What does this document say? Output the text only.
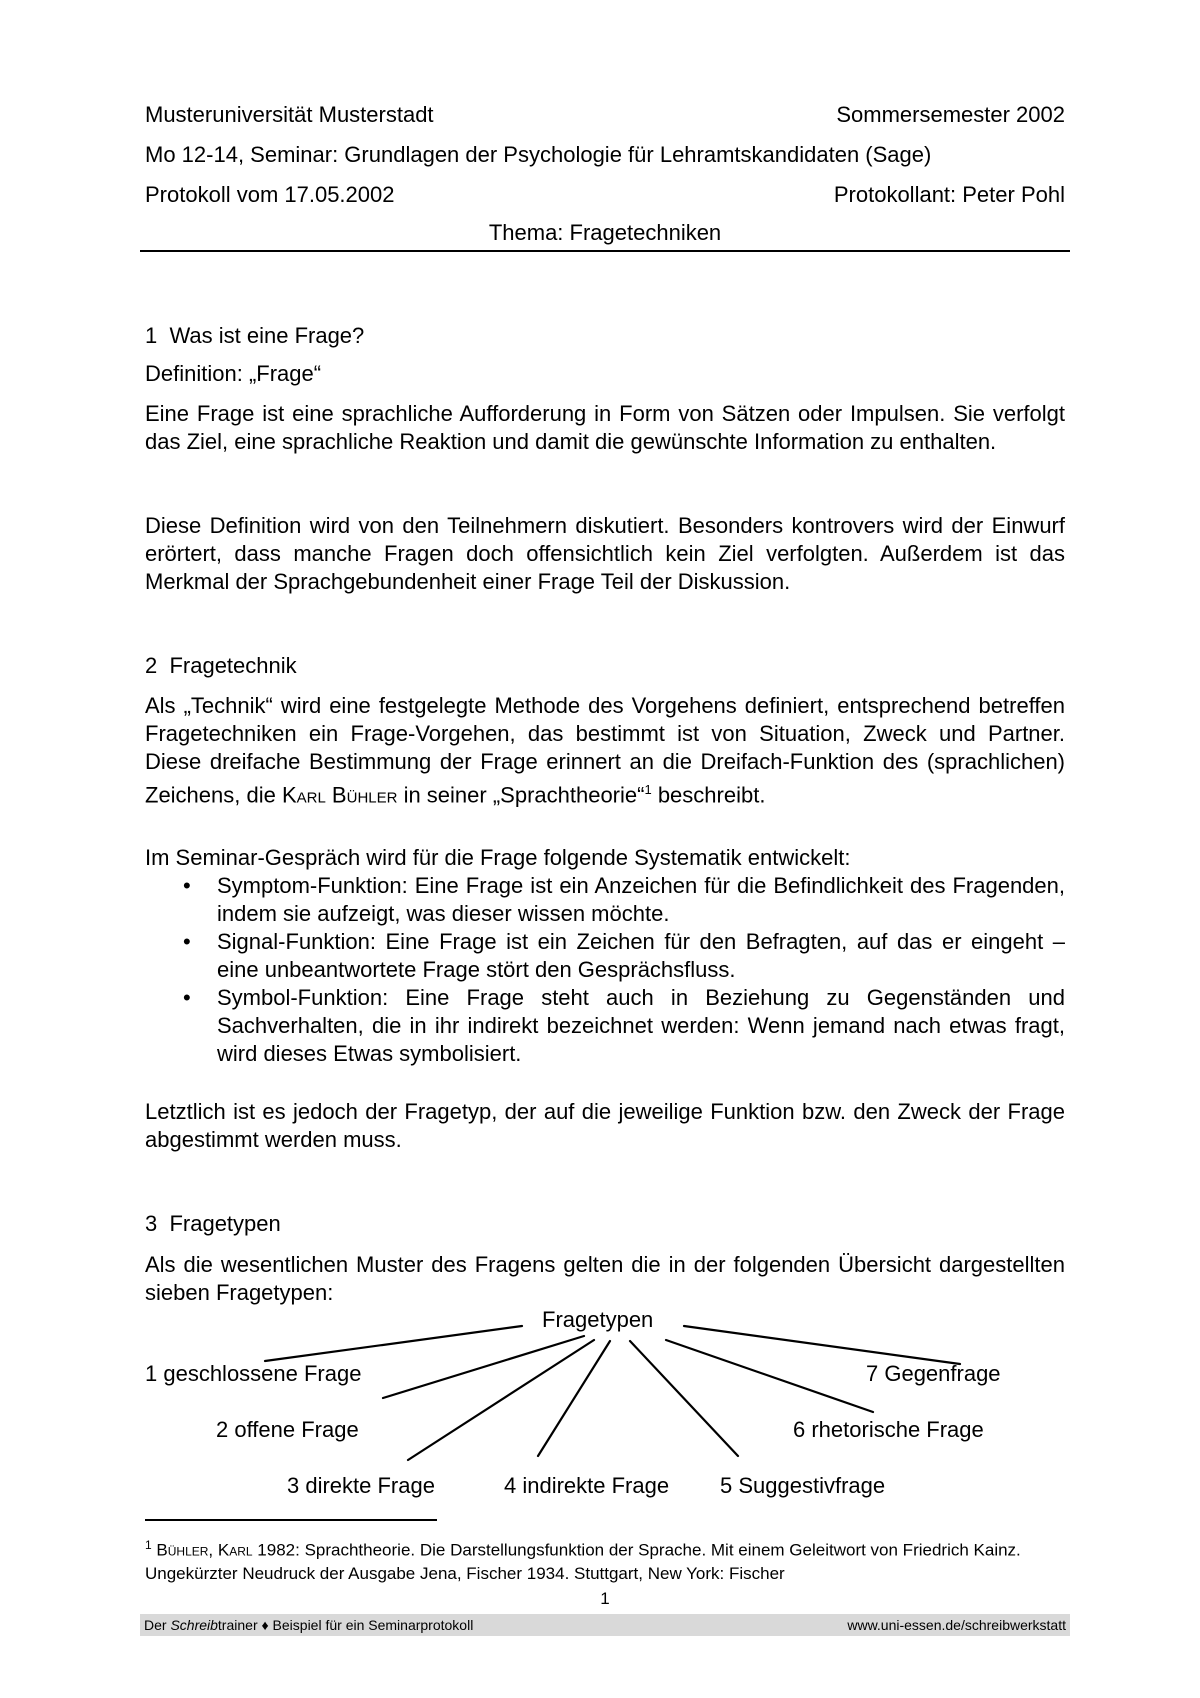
Musteruniversität Musterstadt	Sommersemester 2002
Mo 12-14, Seminar: Grundlagen der Psychologie für Lehramtskandidaten (Sage)
Protokoll vom 17.05.2002	Protokollant: Peter Pohl
Thema: Fragetechniken
1  Was ist eine Frage?
Definition: „Frage“
Eine Frage ist eine sprachliche Aufforderung in Form von Sätzen oder Impulsen. Sie verfolgt das Ziel, eine sprachliche Reaktion und damit die gewünschte Information zu enthalten.
Diese Definition wird von den Teilnehmern diskutiert. Besonders kontrovers wird der Einwurf erörtert, dass manche Fragen doch offensichtlich kein Ziel verfolgten. Außerdem ist das Merkmal der Sprachgebundenheit einer Frage Teil der Diskussion.
2  Fragetechnik
Als „Technik“ wird eine festgelegte Methode des Vorgehens definiert, entsprechend betreffen Fragetechniken ein Frage-Vorgehen, das bestimmt ist von Situation, Zweck und Partner. Diese dreifache Bestimmung der Frage erinnert an die Dreifach-Funktion des (sprachlichen) Zeichens, die Karl Bühler in seiner „Sprachtheorie“$^1$ beschreibt.
Im Seminar-Gespräch wird für die Frage folgende Systematik entwickelt:
• Symptom-Funktion: Eine Frage ist ein Anzeichen für die Befindlichkeit des Fragenden, indem sie aufzeigt, was dieser wissen möchte.
• Signal-Funktion: Eine Frage ist ein Zeichen für den Befragten, auf das er eingeht – eine unbeantwortete Frage stört den Gesprächsfluss.
• Symbol-Funktion: Eine Frage steht auch in Beziehung zu Gegenständen und Sachverhalten, die in ihr indirekt bezeichnet werden: Wenn jemand nach etwas fragt, wird dieses Etwas symbolisiert.
Letztlich ist es jedoch der Fragetyp, der auf die jeweilige Funktion bzw. den Zweck der Frage abgestimmt werden muss.
3  Fragetypen
Als die wesentlichen Muster des Fragens gelten die in der folgenden Übersicht dargestellten sieben Fragetypen:
Fragetypen
1 geschlossene Frage
2 offene Frage
3 direkte Frage	4 indirekte Frage 5 Suggestivfrage
6 rhetorische Frage
7 Gegenfrage
$^1$ Bühler, Karl 1982: Sprachtheorie. Die Darstellungsfunktion der Sprache. Mit einem Geleitwort von Friedrich Kainz. Ungekürzter Neudruck der Ausgabe Jena, Fischer 1934. Stuttgart, New York: Fischer
1
Der Schreibtrainer ♦ Beispiel für ein Seminarprotokoll	www.uni-essen.de/schreibwerkstatt
